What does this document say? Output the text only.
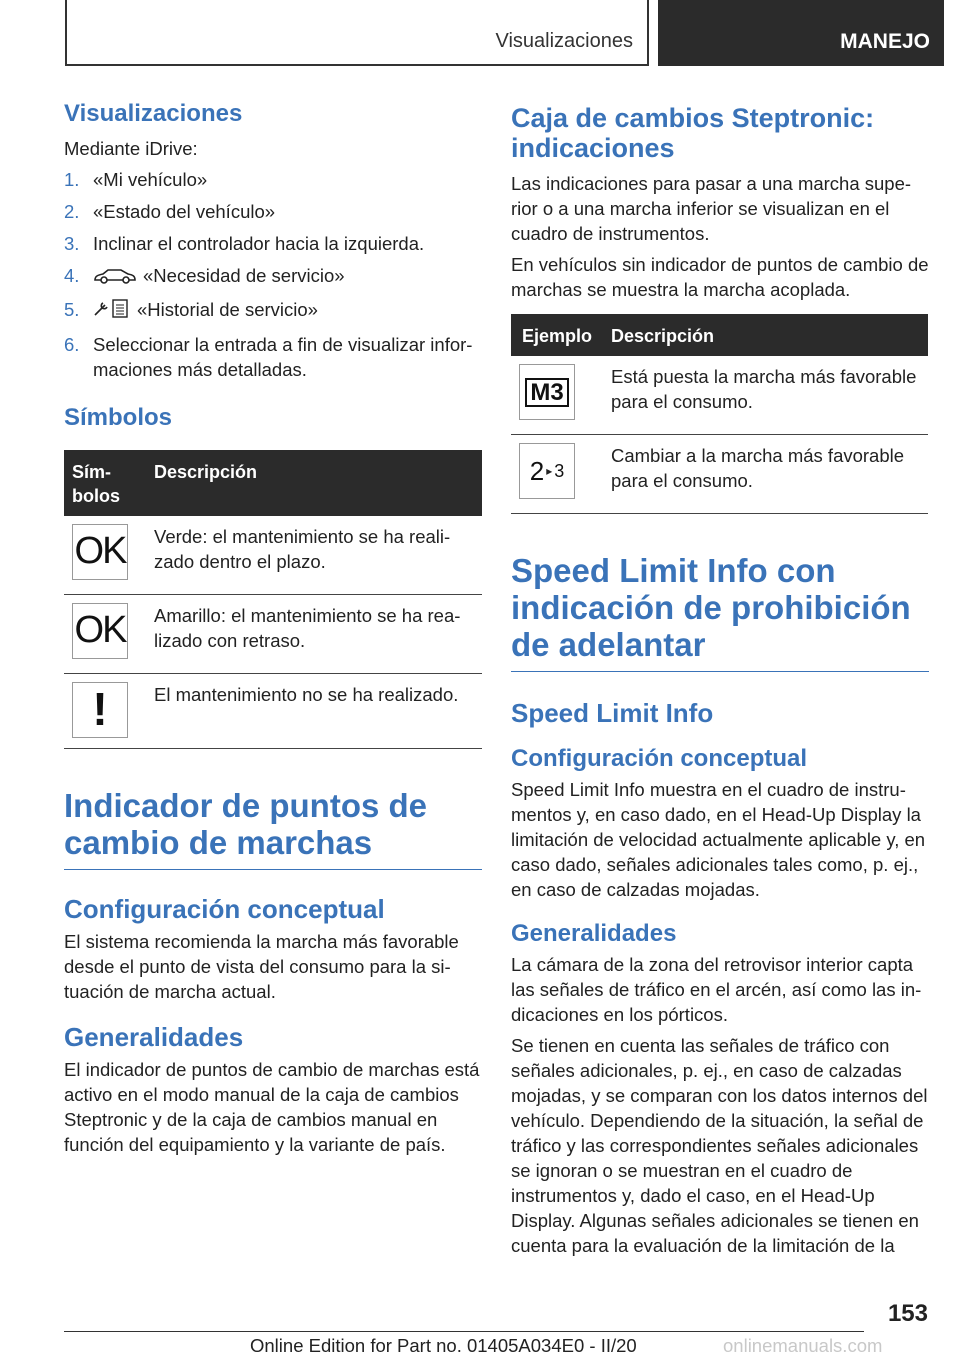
Visualizaciones	MANEJO
Visualizaciones

Mediante iDrive:

1. «Mi vehículo»
2. «Estado del vehículo»
3. Inclinar el controlador hacia la izquierda.
4.	«Necesidad de servicio»
5.	«Historial de servicio»
6. Seleccionar la entrada a fin de visualizar informaciones más detalladas.
Símbolos
Símbolos	Descripción

OK	Verde: el mantenimiento se ha realizado dentro el plazo.

OK	Amarillo: el mantenimiento se ha realizado con retraso.

!	El mantenimiento no se ha realizado.
Indicador de puntos de cambio de marchas
Configuración conceptual

El sistema recomienda la marcha más favorable desde el punto de vista del consumo para la situación de marcha actual.

Generalidades

El indicador de puntos de cambio de marchas está activo en el modo manual de la caja de cambios Steptronic y de la caja de cambios manual en función del equipamiento y la variante de país.

Caja de cambios Steptronic: indicaciones

Las indicaciones para pasar a una marcha superior o a una marcha inferior se visualizan en el cuadro de instrumentos.

En vehículos sin indicador de puntos de cambio de marchas se muestra la marcha acoplada.

Ejemplo	Descripción

M3	Está puesta la marcha más favorable para el consumo.

2 ▸ 3	Cambiar a la marcha más favorable para el consumo.
Speed Limit Info con indicación de prohibición de adelantar
Speed Limit Info
Configuración conceptual

Speed Limit Info muestra en el cuadro de instrumentos y, en caso dado, en el Head-Up Display la limitación de velocidad actualmente aplicable y, en caso dado, señales adicionales tales como, p. ej., en caso de calzadas mojadas.

Generalidades

La cámara de la zona del retrovisor interior capta las señales de tráfico en el arcén, así como las indicaciones en los pórticos.

Se tienen en cuenta las señales de tráfico con señales adicionales, p. ej., en caso de calzadas mojadas, y se comparan con los datos internos del vehículo. Dependiendo de la situación, la señal de tráfico y las correspondientes señales adicionales se ignoran o se muestran en el cuadro de instrumentos y, dado el caso, en el Head-Up Display. Algunas señales adicionales se tienen en cuenta para la evaluación de la limitación de la

153
Online Edition for Part no. 01405A034E0 - II/20	onlinemanuals.com
